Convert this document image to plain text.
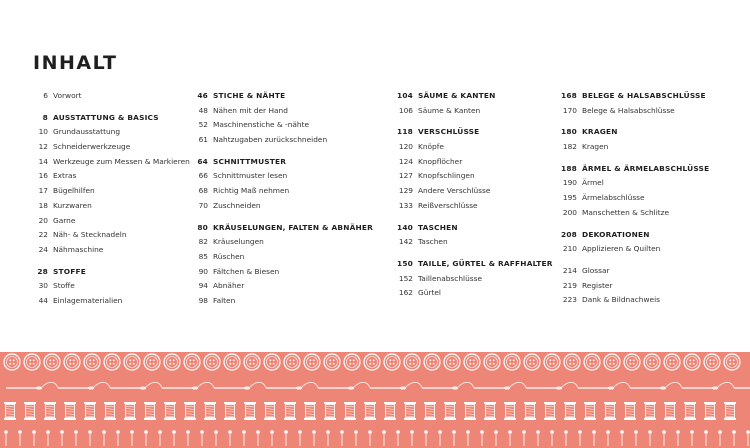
INHALT
6 Vorwort
8 AUSSTATTUNG & BASICS
10 Grundausstattung
12 Schneiderwerkzeuge
14 Werkzeuge zum Messen & Markieren
16 Extras
17 Bügelhilfen
18 Kurzwaren
20 Garne
22 Näh- & Stecknadeln
24 Nähmaschine
28 STOFFE
30 Stoffe
44 Einlagematerialien
46 STICHE & NÄHTE
48 Nähen mit der Hand
52 Maschinenstiche & -nähte
61 Nahtzugaben zurückschneiden
64 SCHNITTMUSTER
66 Schnittmuster lesen
68 Richtig Maß nehmen
70 Zuschneiden
80 KRÄUSELUNGEN, FALTEN & ABNÄHER
82 Kräuselungen
85 Rüschen
90 Fältchen & Biesen
94 Abnäher
98 Falten
104 SÄUME & KANTEN
106 Säume & Kanten
118 VERSCHLÜSSE
120 Knöpfe
124 Knopflöcher
127 Knopfschlingen
129 Andere Verschlüsse
133 Reißverschlüsse
140 TASCHEN
142 Taschen
150 TAILLE, GÜRTEL & RAFFHALTER
152 Taillenabschlüsse
162 Gürtel
168 BELEGE & HALSABSCHLÜSSE
170 Belege & Halsabschlüsse
180 KRAGEN
182 Kragen
188 ÄRMEL & ÄRMELABSCHLÜSSE
190 Ärmel
195 Ärmelabschlüsse
200 Manschetten & Schlitze
208 DEKORATIONEN
210 Applizieren & Quilten
214 Glossar
219 Register
223 Dank & Bildnachweis
